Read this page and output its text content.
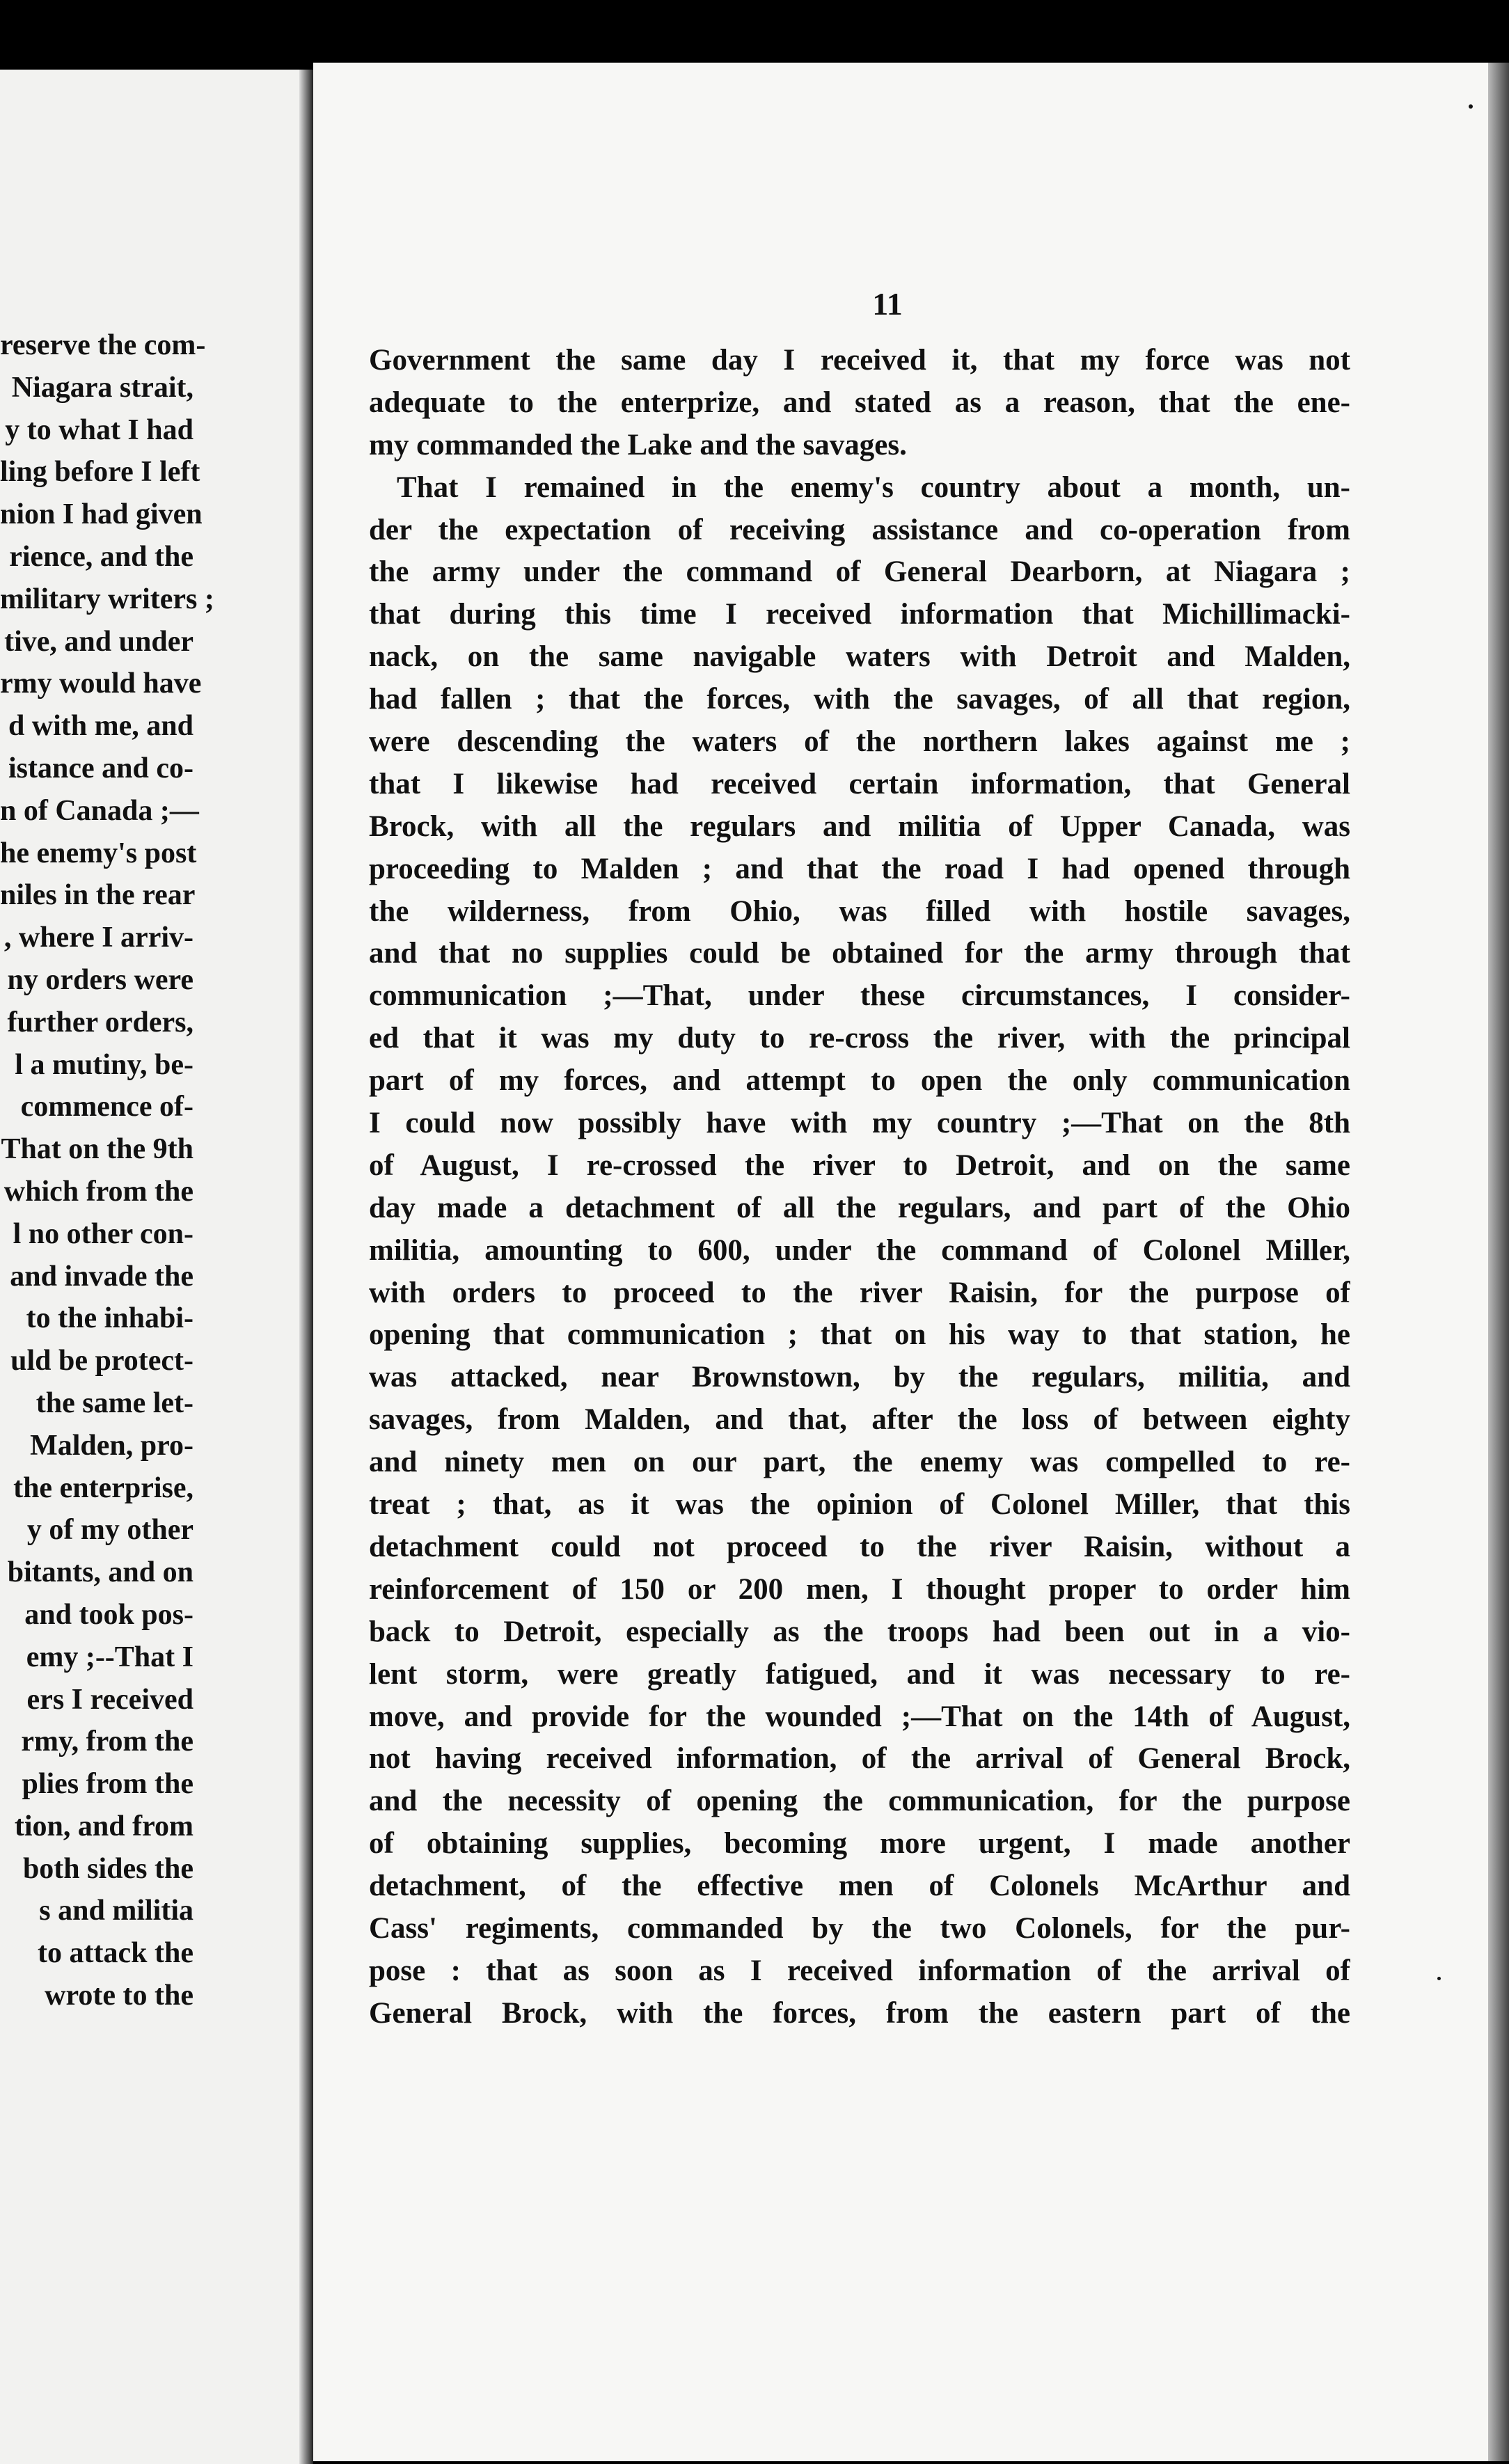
reserve the com-
Niagara strait,
y to what I had
ling before I left
nion I had given
rience, and the
military writers ;
tive, and under
rmy would have
d with me, and
istance and co-
n of Canada ;—
he enemy's post
niles in the rear
, where I arriv-
ny orders were
further orders,
l a mutiny, be-
commence of-
That on the 9th
which from the
l no other con-
and invade the
to the inhabi-
uld be protect-
the same let-
Malden, pro-
the enterprise,
y of my other
bitants, and on
and took pos-
emy ;--That I
ers I received
rmy, from the
plies from the
tion, and from
both sides the
s and militia
to attack the
wrote to the
11
Government the same day I received it, that my force was not
adequate to the enterprize, and stated as a reason, that the ene-
my commanded the Lake and the savages.
That I remained in the enemy's country about a month, un-
der the expectation of receiving assistance and co-operation from
the army under the command of General Dearborn, at Niagara ;
that during this time I received information that Michillimacki-
nack, on the same navigable waters with Detroit and Malden,
had fallen ; that the forces, with the savages, of all that region,
were descending the waters of the northern lakes against me ;
that I likewise had received certain information, that General
Brock, with all the regulars and militia of Upper Canada, was
proceeding to Malden ; and that the road I had opened through
the wilderness, from Ohio, was filled with hostile savages,
and that no supplies could be obtained for the army through that
communication ;—That, under these circumstances, I consider-
ed that it was my duty to re-cross the river, with the principal
part of my forces, and attempt to open the only communication
I could now possibly have with my country ;—That on the 8th
of August, I re-crossed the river to Detroit, and on the same
day made a detachment of all the regulars, and part of the Ohio
militia, amounting to 600, under the command of Colonel Miller,
with orders to proceed to the river Raisin, for the purpose of
opening that communication ; that on his way to that station, he
was attacked, near Brownstown, by the regulars, militia, and
savages, from Malden, and that, after the loss of between eighty
and ninety men on our part, the enemy was compelled to re-
treat ; that, as it was the opinion of Colonel Miller, that this
detachment could not proceed to the river Raisin, without a
reinforcement of 150 or 200 men, I thought proper to order him
back to Detroit, especially as the troops had been out in a vio-
lent storm, were greatly fatigued, and it was necessary to re-
move, and provide for the wounded ;—That on the 14th of August,
not having received information, of the arrival of General Brock,
and the necessity of opening the communication, for the purpose
of obtaining supplies, becoming more urgent, I made another
detachment, of the effective men of Colonels McArthur and
Cass' regiments, commanded by the two Colonels, for the pur-
pose : that as soon as I received information of the arrival of
General Brock, with the forces, from the eastern part of the
